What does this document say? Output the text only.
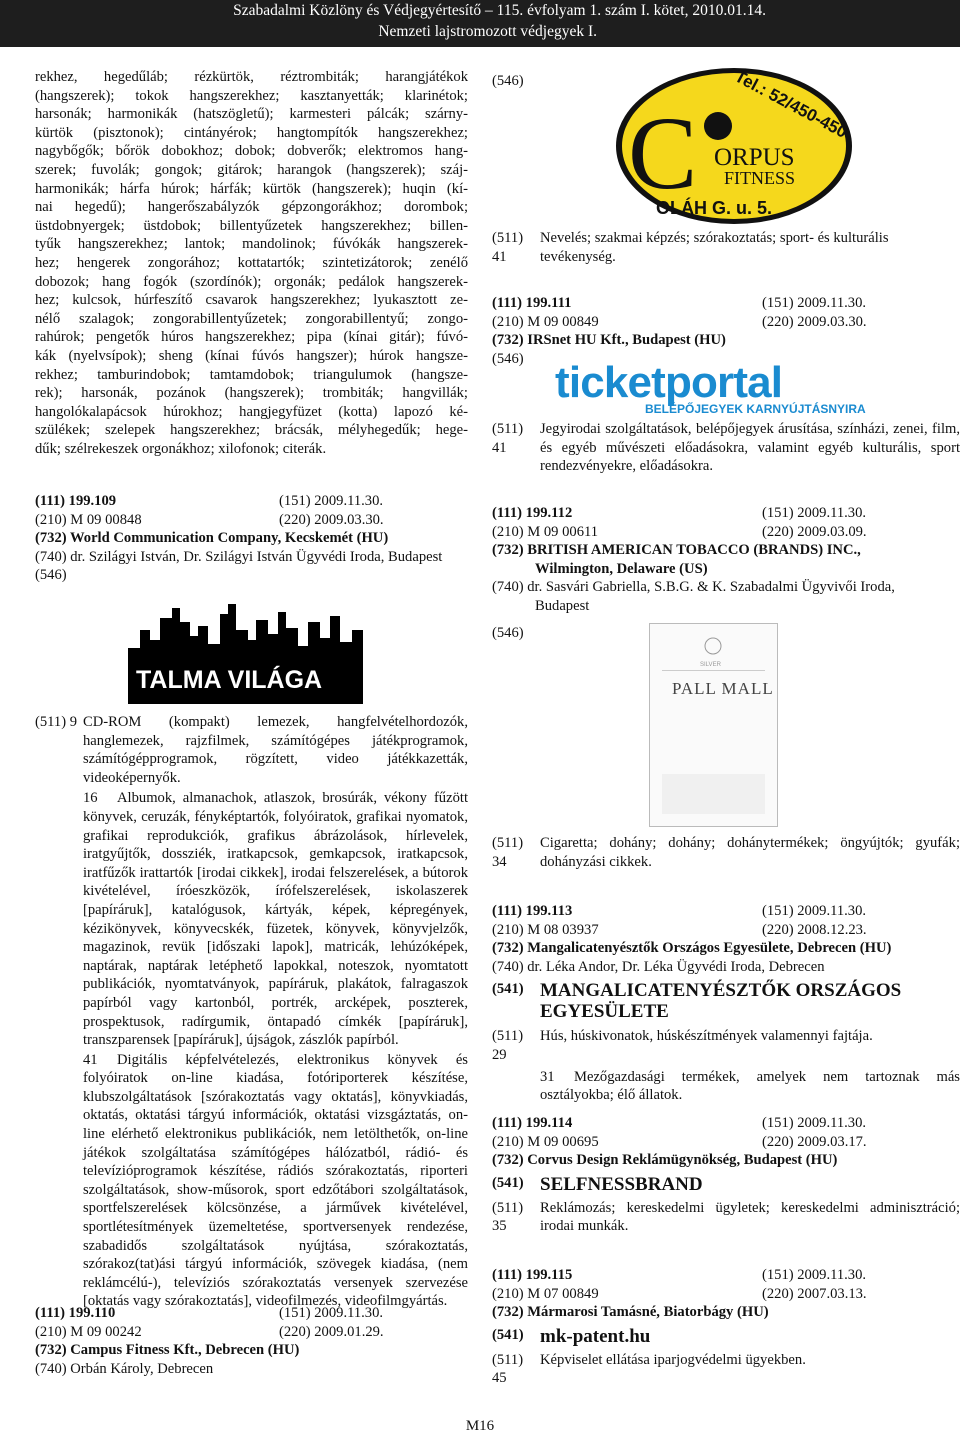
Szabadalmi Közlöny és Védjegyértesítő – 115. évfolyam 1. szám I. kötet, 2010.01.14.
Nemzeti lajstromozott védjegyek I.
rekhez, hegedűláb; rézkürtök, réztrombiták; harangjátékok
(hangszerek); tokok hangszerekhez; kasztanyetták; klarinétok;
harsonák; harmonikák (hatszögletű); karmesteri pálcák; szárny-
kürtök (pisztonok); cintányérok; hangtompítók hangszerekhez;
nagybőgők; bőrök dobokhoz; dobok; dobverők; elektromos hang-
szerek; fuvolák; gongok; gitárok; harangok (hangszerek); száj-
harmonikák; hárfa húrok; hárfák; kürtök (hangszerek); huqin (kí-
nai hegedű); hangerőszabályzók gépzongorákhoz; dorombok;
üstdobnyergek; üstdobok; billentyűzetek hangszerekhez; billen-
tyűk hangszerekhez; lantok; mandolinok; fúvókák hangszerek-
hez; hengerek zongorához; kottatartók; szintetizátorok; zenélő
dobozok; hang fogók (szordínók); orgonák; pedálok hangszerek-
hez; kulcsok, húrfeszítő csavarok hangszerekhez; lyukasztott ze-
nélő szalagok; zongorabillentyűzetek; zongorabillentyű; zongo-
rahúrok; pengetők húros hangszerekhez; pipa (kínai gitár); fúvó-
kák (nyelvsípok); sheng (kínai fúvós hangszer); húrok hangsze-
rekhez; tamburindobok; tamtamdobok; triangulumok (hangsze-
rek); harsonák, pozánok (hangszerek); trombiták; hangvillák;
hangolókalapácsok húrokhoz; hangjegyfüzet (kotta) lapozó ké-
szülékek; szelepek hangszerekhez; brácsák, mélyhegedűk; hege-
dűk; szélrekeszek orgonákhoz; xilofonok; citerák.
(111) 199.109	(151) 2009.11.30.
(210) M 09 00848	(220) 2009.03.30.
(732) World Communication Company, Kecskemét (HU)
(740) dr. Szilágyi István, Dr. Szilágyi István Ügyvédi Iroda, Budapest
(546)
TALMA VILÁGA
(511) 9 CD-ROM (kompakt) lemezek, hangfelvételhordozók, hanglemezek, rajzfilmek, számítógépes játékprogramok, számítógépprogramok, rögzített, video játékkazetták, videoképernyők.
16 Albumok, almanachok, atlaszok, brosúrák, vékony fűzött könyvek, ceruzák, fényképtartók, folyóiratok, grafikai nyomatok, grafikai reprodukciók, grafikus ábrázolások, hírlevelek, iratgyűjtők, dossziék, iratkapcsok, gemkapcsok, iratkapcsok, iratfűzők irattartók [irodai cikkek], irodai felszerelések, a bútorok kivételével, íróeszközök, írófelszerelések, iskolaszerek [papíráruk], katalógusok, kártyák, képek, képregények, kézikönyvek, könyvecskék, füzetek, könyvek, könyvjelzők, magazinok, revük [időszaki lapok], matricák, lehúzóképek, naptárak, naptárak letéphető lapokkal, noteszok, nyomtatott publikációk, nyomtatványok, papíráruk, plakátok, falragaszok papírból vagy kartonból, portrék, arcképek, poszterek, prospektusok, radírgumik, öntapadó címkék [papíráruk], transzparensek [papíráruk], újságok, zászlók papírból.
41 Digitális képfelvételezés, elektronikus könyvek és folyóiratok on-line kiadása, fotóriporterek készítése, klubszolgáltatások [szórakoztatás vagy oktatás], könyvkiadás, oktatás, oktatási tárgyú információk, oktatási vizsgáztatás, on-line elérhető elektronikus publikációk, nem letölthetők, on-line játékok szolgáltatása számítógépes hálózatból, rádió- és televízióprogramok készítése, rádiós szórakoztatás, riporteri szolgáltatások, show-műsorok, sport edzőtábori szolgáltatások, sportfelszerelések kölcsönzése, a járművek kivételével, sportlétesítmények üzemeltetése, sportversenyek rendezése, szabadidős szolgáltatások nyújtása, szórakoztatás, szórakoz(tat)ási tárgyú információk, szövegek kiadása, (nem reklámcélú-), televíziós szórakoztatás versenyek szervezése [oktatás vagy szórakoztatás], videofilmezés, videofilmgyártás.
(111) 199.110	(151) 2009.11.30.
(210) M 09 00242	(220) 2009.01.29.
(732) Campus Fitness Kft., Debrecen (HU)
(740) Orbán Károly, Debrecen
(546)	Tel.: 52/450-450
C ORPUS
FITNESS
OLÁH G. u. 5.
(511) 41
Nevelés; szakmai képzés; szórakoztatás; sport- és kulturális tevékenység.
(111) 199.111	(151) 2009.11.30.
(210) M 09 00849	(220) 2009.03.30.
(732) IRSnet HU Kft., Budapest (HU)
(546) ticketportal
BELÉPŐJEGYEK KARNYÚJTÁSNYIRA
(511) 41
Jegyirodai szolgáltatások, belépőjegyek árusítása, színházi, zenei, film, és egyéb művészeti előadásokra, valamint egyéb kulturális, sport rendezvényekre, előadásokra.
(111) 199.112	(151) 2009.11.30.
(210) M 09 00611	(220) 2009.03.09.
(732) BRITISH AMERICAN TOBACCO (BRANDS) INC.,
Wilmington, Delaware (US)
(740) dr. Sasvári Gabriella, S.B.G. & K. Szabadalmi Ügyvivői Iroda,
Budapest
(546)
SILVER
PALL MALL
(511) 34
Cigaretta; dohány; dohány; dohánytermékek; öngyújtók; gyufák; dohányzási cikkek.
(111) 199.113	(151) 2009.11.30.
(210) M 08 03937	(220) 2008.12.23.
(732) Mangalicatenyésztők Országos Egyesülete, Debrecen (HU)
(740) dr. Léka Andor, Dr. Léka Ügyvédi Iroda, Debrecen
(541) MANGALICATENYÉSZTŐK ORSZÁGOS
EGYESÜLETE
(511) 29
Hús, húskivonatok, húskészítmények valamennyi fajtája.
31 Mezőgazdasági termékek, amelyek nem tartoznak más osztályokba; élő állatok.
(111) 199.114	(151) 2009.11.30.
(210) M 09 00695	(220) 2009.03.17.
(732) Corvus Design Reklámügynökség, Budapest (HU)
(541) SELFNESSBRAND
(511) 35
Reklámozás; kereskedelmi ügyletek; kereskedelmi adminisztráció; irodai munkák.
(111) 199.115	(151) 2009.11.30.
(210) M 07 00849	(220) 2007.03.13.
(732) Mármarosi Tamásné, Biatorbágy (HU)
(541) mk-patent.hu
(511) 45
Képviselet ellátása iparjogvédelmi ügyekben.
M16
